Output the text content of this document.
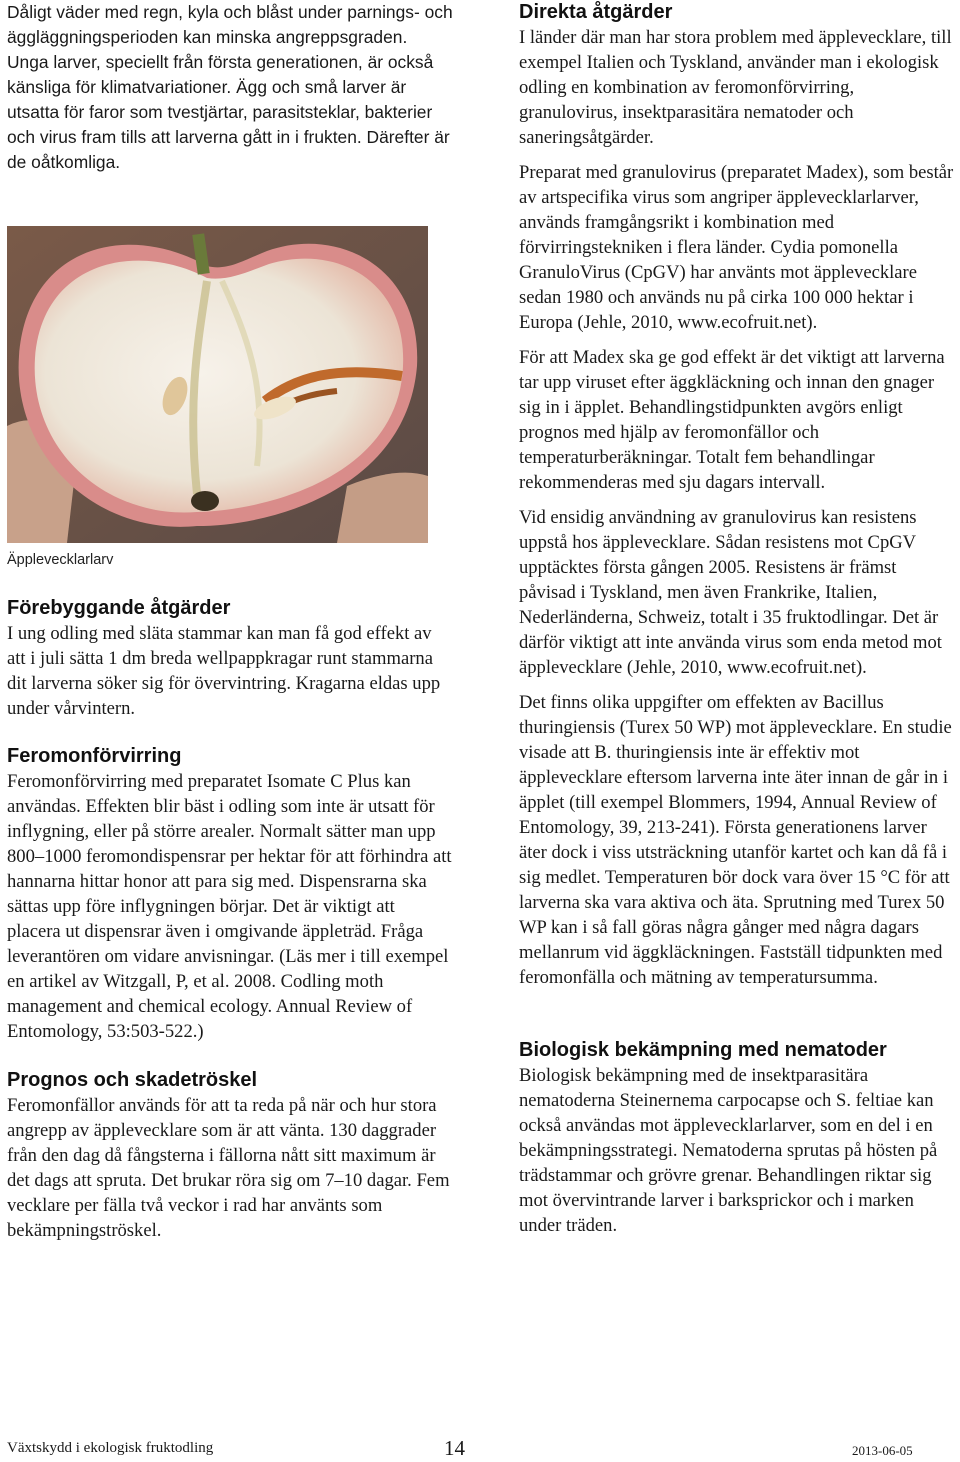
Dåligt väder med regn, kyla och blåst under parnings- och äggläggningsperioden kan minska angreppsgraden. Unga larver, speciellt från första generationen, är också känsliga för klimatvariationer. Ägg och små larver är utsatta för faror som tvestjärtar, parasitsteklar, bakterier och virus fram tills att larverna gått in i frukten. Därefter är de oåtkomliga.

Äpplevecklarlarv
Förebyggande åtgärder

I ung odling med släta stammar kan man få god effekt av att i juli sätta 1 dm breda wellpappkragar runt stammarna dit larverna söker sig för övervintring. Kragarna eldas upp under vårvintern.

Feromonförvirring

Feromonförvirring med preparatet Isomate C Plus kan användas. Effekten blir bäst i odling som inte är utsatt för inflygning, eller på större arealer. Normalt sätter man upp 800–1000 feromondispensrar per hektar för att förhindra att hannarna hittar honor att para sig med. Dispensrarna ska sättas upp före inflygningen börjar. Det är viktigt att placera ut dispensrar även i omgivande äppleträd. Fråga leverantören om vidare anvisningar. (Läs mer i till exempel en artikel av Witzgall, P, et al. 2008. Codling moth management and chemical ecology. Annual Review of Entomology, 53:503-522.)

Prognos och skadetröskel

Feromonfällor används för att ta reda på när och hur stora angrepp av äpplevecklare som är att vänta. 130 daggrader från den dag då fångsterna i fällorna nått sitt maximum är det dags att spruta. Det brukar röra sig om 7–10 dagar. Fem vecklare per fälla två veckor i rad har använts som bekämpningströskel.

Direkta åtgärder

I länder där man har stora problem med äpplevecklare, till exempel Italien och Tyskland, använder man i ekologisk odling en kombination av feromonförvirring, granulovirus, insektparasitära nematoder och saneringsåtgärder.

Preparat med granulovirus (preparatet Madex), som består av artspecifika virus som angriper äpplevecklarlarver, används framgångsrikt i kombination med förvirringstekniken i flera länder. Cydia pomonella GranuloVirus (CpGV) har använts mot äpplevecklare sedan 1980 och används nu på cirka 100 000 hektar i Europa (Jehle, 2010, www.ecofruit.net).

För att Madex ska ge god effekt är det viktigt att larverna tar upp viruset efter äggkläckning och innan den gnager sig in i äpplet. Behandlingstidpunkten avgörs enligt prognos med hjälp av feromonfällor och temperaturberäkningar. Totalt fem behandlingar rekommenderas med sju dagars intervall.

Vid ensidig användning av granulovirus kan resistens uppstå hos äpplevecklare. Sådan resistens mot CpGV upptäcktes första gången 2005. Resistens är främst påvisad i Tyskland, men även Frankrike, Italien, Nederländerna, Schweiz, totalt i 35 fruktodlingar. Det är därför viktigt att inte använda virus som enda metod mot äpplevecklare (Jehle, 2010, www.ecofruit.net).

Det finns olika uppgifter om effekten av Bacillus thuringiensis (Turex 50 WP) mot äpplevecklare. En studie visade att B. thuringiensis inte är effektiv mot äpplevecklare eftersom larverna inte äter innan de går in i äpplet (till exempel Blommers, 1994, Annual Review of Entomology, 39, 213-241). Första generationens larver äter dock i viss utsträckning utanför kartet och kan då få i sig medlet. Temperaturen bör dock vara över 15 °C för att larverna ska vara aktiva och äta. Sprutning med Turex 50 WP kan i så fall göras några gånger med några dagars mellanrum vid äggkläckningen. Fastställ tidpunkten med feromonfälla och mätning av temperatursumma.

Biologisk bekämpning med nematoder

Biologisk bekämpning med de insektparasitära nematoderna Steinernema carpocapse och S. feltiae kan också användas mot äpplevecklarlarver, som en del i en bekämpningsstrategi. Nematoderna sprutas på hösten på trädstammar och grövre grenar. Behandlingen riktar sig mot övervintrande larver i barksprickor och i marken under träden.

Växtskydd i ekologisk fruktodling	14	2013-06-05
